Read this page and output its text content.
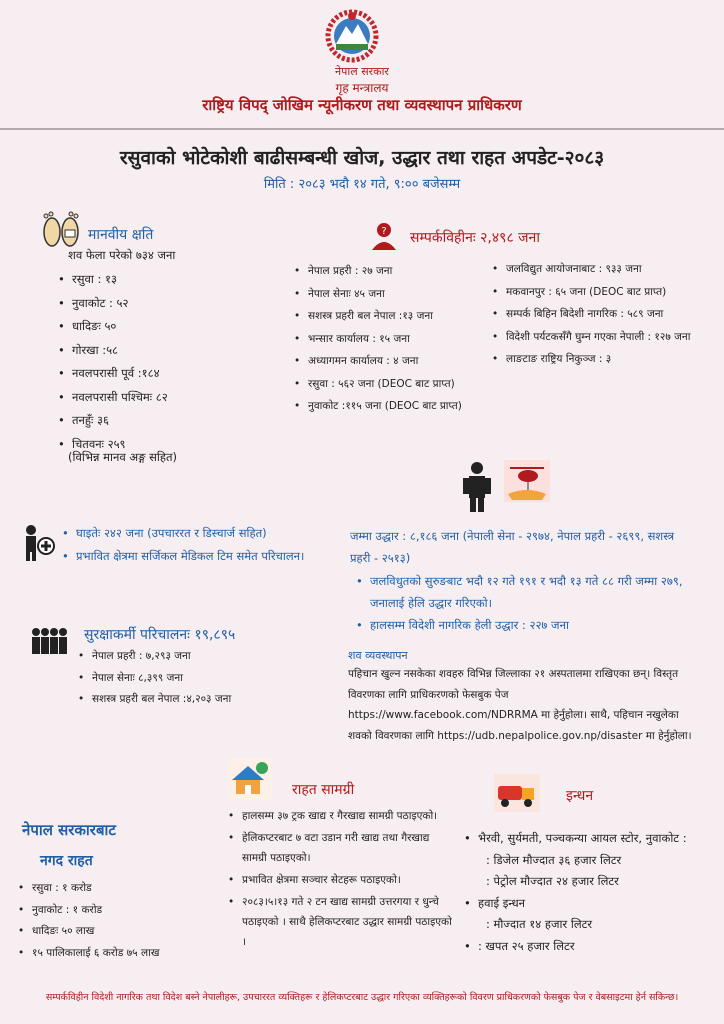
नेपाल सरकार
गृह मन्त्रालय
राष्ट्रिय विपद् जोखिम न्यूनीकरण तथा व्यवस्थापन प्राधिकरण
रसुवाको भोटेकोशी बाढीसम्बन्धी खोज, उद्धार तथा राहत अपडेट-२०८३
मिति : २०८३ भदौ १४ गते, ९:०० बजेसम्म
मानवीय क्षति
शव फेला परेको ७३४ जना
• रसुवा : १३
• नुवाकोट : ५२
• धादिङः ५०
• गोरखा :५८
• नवलपरासी पूर्व :१८४
• नवलपरासी पश्चिमः ८२
• तनहुँः ३६
• चितवनः २५९
(विभिन्न मानव अङ्ग सहित)
? सम्पर्कविहीनः २,४९८ जना
• नेपाल प्रहरी : २७ जना
• नेपाल सेनाः ४५ जना
• सशस्त्र प्रहरी बल नेपाल :१३ जना
• भन्सार कार्यालय : १५ जना
• अध्यागमन कार्यालय : ४ जना
• रसुवा : ५६२ जना (DEOC बाट प्राप्त)
• नुवाकोट :११५ जना (DEOC बाट प्राप्त)
• जलविद्युत आयोजनाबाट : ९३३ जना
• मकवानपुर : ६५ जना (DEOC बाट प्राप्त)
• सम्पर्क बिहिन बिदेशी नागरिक : ५८९ जना
• विदेशी पर्यटकसँगै घुम्न गएका नेपाली : १२७ जना
• लाङटाङ राष्ट्रिय निकुञ्ज : ३
• घाइतेः २४२ जना (उपचाररत र डिस्चार्ज सहित)
• प्रभावित क्षेत्रमा सर्जिकल मेडिकल टिम समेत परिचालन।
जम्मा उद्धार : ८,१८६ जना (नेपाली सेना - २९७४, नेपाल प्रहरी - २६९९, सशस्त्र प्रहरी - २५१३)
• जलविधुतको सुरुङबाट भदौ १२ गते १९१ र भदौ १३ गते ८८ गरी जम्मा २७९, जनालाई हेलि उद्धार गरिएको।
• हालसम्म विदेशी नागरिक हेली उद्धार : २२७ जना
सुरक्षाकर्मी परिचालनः १९,८९५
• नेपाल प्रहरी : ७,२९३ जना
• नेपाल सेनाः ८,३९९ जना
• सशस्त्र प्रहरी बल नेपाल :४,२०३ जना
शव व्यवस्थापन
पहिचान खुल्न नसकेका शवहरु विभिन्न जिल्लाका २१ अस्पतालमा राखिएका छन्। विस्तृत विवरणका लागि प्राधिकरणको फेसबुक पेज https://www.facebook.com/NDRRMA मा हेर्नुहोला। साथै, पहिचान नखुलेका शवको विवरणका लागि https://udb.nepalpolice.gov.np/disaster मा हेर्नुहोला।
राहत सामग्री
• हालसम्म ३७ ट्रक खाद्य र गैरखाद्य सामग्री पठाइएको।
• हेलिकप्टरबाट ७ वटा उडान गरी खाद्य तथा गैरखाद्य सामग्री पठाइएको।
• प्रभावित क्षेत्रमा सञ्चार सेटहरू पठाइएको।
• २०८३।५।१३ गते २ टन खाद्य सामग्री उत्तरगया र धुन्चे पठाइएको । साथै हेलिकप्टरबाट उद्धार सामग्री पठाइएको ।
इन्धन
• भैरवी, सुर्यमती, पञ्चकन्या आयल स्टोर, नुवाकोट :
: डिजेल मौज्दात ३६ हजार लिटर
: पेट्रोल मौज्दात २४ हजार लिटर
• हवाई इन्धन
: मौज्दात १४ हजार लिटर
• : खपत २५ हजार लिटर
नेपाल सरकारबाट
नगद राहत
• रसुवा : १ करोड
• नुवाकोट : १ करोड
• धादिङः ५० लाख
• १५ पालिकालाई ६ करोड ७५ लाख
सम्पर्कविहीन विदेशी नागरिक तथा विदेश बस्ने नेपालीहरू, उपचाररत व्यक्तिहरू र हेलिकप्टरबाट उद्धार गरिएका व्यक्तिहरूको विवरण प्राधिकरणको फेसबुक पेज र वेबसाइटमा हेर्न सकिन्छ।
